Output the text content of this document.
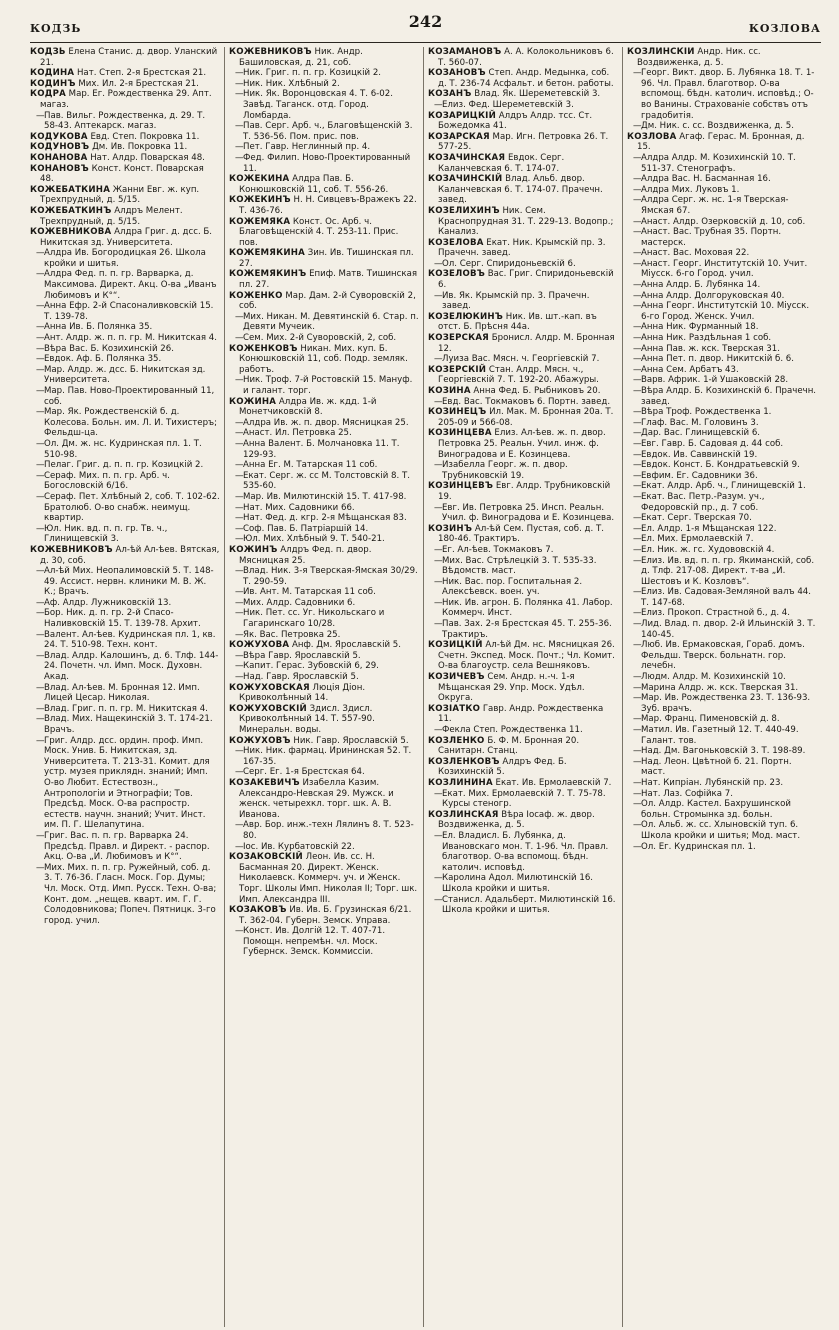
КОДЗЬ	242	КОЗЛОВА

КОДЗЬ Елена Станис. д. двор. Уланский 21.

КОДИНА Нат. Степ. 2-я Брестская 21.

КОДИНЪ Мих. Ил. 2-я Брестская 21.

КОДРА Мар. Ег. Рождественка 29. Апт. магаз.

—Пав. Вильг. Рождественка, д. 29. Т. 58-43. Аптекарск. магаз.

КОДУКОВА Евд. Степ. Покровка 11.

КОДУНОВЪ Дм. Ив. Покровка 11.

КОНАНОВА Нат. Алдр. Поварская 48.

КОНАНОВЪ Конст. Конст. Поварская 48.

КОЖЕБАТКИНА Жанни Евг. ж. куп. Трехпрудный, д. 5/15.

КОЖЕБАТКИНЪ Алдръ Мелент. Трехпрудный, д. 5/15.

КОЖЕВНИКОВА Алдра Григ. д. дсс. Б. Никитская зд. Университета.

—Алдра Ив. Богородицкая 26. Школа кройки и шитья.

—Алдра Фед. п. п. гр. Варварка, д. Максимова. Директ. Акц. О-ва „Иванъ Любимовъ и К°“.

—Анна Ефр. 2-й Спасоналивковскiй 15. Т. 139-78.

—Анна Ив. Б. Полянка 35.

—Ант. Алдр. ж. п. п. гр. М. Никитская 4.

—Вѣра Вас. Б. Козихинскiй 26.

—Евдок. Аф. Б. Полянка 35.

—Мар. Алдр. ж. дсс. Б. Никитская зд. Университета.

—Мар. Пав. Ново-Проектированный 11, соб.

—Мар. Як. Рождественскiй б. д. Колесова. Больн. им. Л. И. Тихистеръ; Фельдш-ца.

—Ол. Дм. ж. нс. Кудринская пл. 1. Т. 510-98.

—Пелаг. Григ. д. п. п. гр. Козицкiй 2.

—Сераф. Мих. п. п. гр. Арб. ч. Богословскiй 6/16.

—Сераф. Пет. Хлѣбный 2, соб. Т. 102-62. Братолюб. О-во снабж. неимущ. квартир.

—Юл. Ник. вд. п. п. гр. Тв. ч., Глинищевскiй 3.

КОЖЕВНИКОВЪ Ал-ѣй Ал-ѣев. Вятская, д. 30, соб.

—Ал-ѣй Мих. Неопалимовскiй 5. Т. 148-49. Ассист. нервн. клиники М. В. Ж. К.; Врачъ.

—Аф. Алдр. Лужниковскiй 13.

—Бор. Ник. д. п. гр. 2-й Спасо-Наливковскiй 15. Т. 139-78. Архит.

—Валент. Ал-ѣев. Кудринская пл. 1, кв. 24. Т. 510-98. Техн. конт.

—Влад. Алдр. Калошинъ, д. 6. Тлф. 144-24. Почетн. чл. Имп. Моск. Духовн. Акад.

—Влад. Ал-ѣев. М. Бронная 12. Имп. Лицей Цесар. Николая.

—Влад. Григ. п. п. гр. М. Никитская 4.

—Влад. Мих. Нащекинскiй 3. Т. 174-21. Врачъ.

—Григ. Алдр. дсс. ордин. проф. Имп. Моск. Унив. Б. Никитская, зд. Университета. Т. 213-31. Комит. для устр. музея приклядн. знаний; Имп. О-во Любит. Естествозн., Антропологiи и Этнографiи; Тов. Предсѣд. Моск. О-ва распростр. естеств. научн. знаний; Учит. Инст. им. П. Г. Шелапутина.

—Григ. Вас. п. п. гр. Варварка 24. Предсѣд. Правл. и Директ. - распор. Акц. О-ва „И. Любимовъ и К°“.

—Мих. Мих. п. п. гр. Ружейный, соб. д. 3. Т. 76-36. Гласн. Моск. Гор. Думы; Чл. Моск. Отд. Имп. Русск. Техн. О-ва; Конт. дом. „нещев. кварт. им. Г. Г. Солодовникова; Попеч. Пятницк. 3-го город. учил.

КОЖЕВНИКОВЪ Ник. Андр. Башиловская, д. 21, соб.

—Ник. Григ. п. п. гр. Козицкiй 2.

—Ник. Ник. Хлѣбный 2.

—Ник. Як. Воронцовская 4. Т. 6-02. Завѣд. Таганск. отд. Город. Ломбарда.

—Пав. Серг. Арб. ч., Благовѣщенскiй 3. Т. 536-56. Пом. прис. пов.

—Пет. Гавр. Неглинный пр. 4.

—Фед. Филип. Ново-Проектированный 11.

КОЖЕКИНА Алдра Пав. Б. Конюшковскiй 11, соб. Т. 556-26.

КОЖЕКИНЪ Н. Н. Сивцевъ-Вражекъ 22. Т. 436-76.

КОЖЕМЯКА Конст. Ос. Арб. ч. Благовѣщенскiй 4. Т. 253-11. Прис. пов.

КОЖЕМЯКИНА Зин. Ив. Тишинская пл. 27.

КОЖЕМЯКИНЪ Епиф. Матв. Тишинская пл. 27.

КОЖЕНКО Мар. Дам. 2-й Суворовскiй 2, соб.

—Мих. Никан. М. Девятинскiй 6. Стар. п. Девяти Мучеик.

—Сем. Мих. 2-й Суворовскiй, 2, соб.

КОЖЕНКОВЪ Никан. Мих. куп. Б. Конюшковскiй 11, соб. Подр. земляк. работъ.

—Ник. Троф. 7-й Ростовскiй 15. Мануф. и галант. торг.

КОЖИНА Алдра Ив. ж. кдд. 1-й Монетчиковскiй 8.

—Алдра Ив. ж. п. двор. Мясницкая 25.

—Анаст. Ил. Петровка 25.

—Анна Валент. Б. Молчановка 11. Т. 129-93.

—Анна Ег. М. Татарская 11 соб.

—Екат. Серг. ж. сс М. Толстовскiй 8. Т. 535-60.

—Мар. Ив. Милютинскiй 15. Т. 417-98.

—Нат. Мих. Садовники 66.

—Нат. Фед. д. кгр. 2-я Мѣщанская 83.

—Соф. Пав. Б. Патрiаршiй 14.

—Юл. Мих. Хлѣбный 9. Т. 540-21.

КОЖИНЪ Алдръ Фед. п. двор. Мясницкая 25.

—Влад. Ник. 3-я Тверская-Ямская 30/29. Т. 290-59.

—Ив. Ант. М. Татарская 11 соб.

—Мих. Алдр. Садовники 6.

—Ник. Пет. сс. Уг. Никольскаго и Гагаринскаго 10/28.

—Як. Вас. Петровка 25.

КОЖУХОВА Анф. Дм. Ярославскiй 5.

—Вѣра Гавр. Ярославскiй 5.

—Капит. Герас. Зубовскiй 6, 29.

—Над. Гавр. Ярославскiй 5.

КОЖУХОВСКАЯ Люцiя Дiон. Кривоколѣнный 14.

КОЖУХОВСКIЙ Здисл. Здисл. Кривоколѣнный 14. Т. 557-90. Минеральн. воды.

КОЖУХОВЪ Ник. Гавр. Ярославскiй 5.

—Ник. Ник. фармац. Ирининская 52. Т. 167-35.

—Серг. Ег. 1-я Брестская 64.

КОЗАКЕВИЧЪ Изабелла Казим. Александро-Невская 29. Мужск. и женск. четырехкл. торг. шк. А. В. Иванова.

—Авр. Бор. инж.-техн Лялинъ 8. Т. 523-80.

—Iос. Ив. Курбатовскiй 22.

КОЗАКОВСКIЙ Леон. Ив. сс. Н. Басманная 20. Директ. Женск. Николаевск. Коммерч. уч. и Женск. Торг. Школы Имп. Николая II; Торг. шк. Имп. Александра III.

КОЗАКОВЪ Ив. Ив. Б. Грузинская 6/21. Т. 362-04. Губерн. Земск. Управа.

—Конст. Ив. Долгiй 12. Т. 407-71. Помощн. непремѣн. чл. Моск. Губернск. Земск. Коммиссiи.

КОЗАМАНОВЪ А. А. Колокольниковъ 6. Т. 560-07.

КОЗАНОВЪ Степ. Андр. Медынка, соб. д. Т. 236-74 Асфальт. и бетон. работы.

КОЗАНЪ Влад. Як. Шереметевскiй 3.

—Елиз. Фед. Шереметевскiй 3.

КОЗАРИЦКIЙ Алдръ Алдр. тсс. Ст. Божедомка 41.

КОЗАРСКАЯ Мар. Игн. Петровка 26. Т. 577-25.

КОЗАЧИНСКАЯ Евдок. Серг. Каланчевская 6. Т. 174-07.

КОЗАЧИНСКIЙ Влад. Альб. двор. Каланчевская 6. Т. 174-07. Прачечн. завед.

КОЗЕЛИХИНЪ Ник. Сем. Краснопрудная 31. Т. 229-13. Водопр.; Канализ.

КОЗЕЛОВА Екат. Ник. Крымскiй пр. 3. Прачечн. завед.

—Ол. Серг. Спиридоньевскiй 6.

КОЗЕЛОВЪ Вас. Григ. Спиридоньевскiй 6.

—Ив. Як. Крымскiй пр. 3. Прачечн. завед.

КОЗЕЛЮКИНЪ Ник. Ив. шт.-кап. въ отст. Б. Прѣсня 44а.

КОЗЕРСКАЯ Бронисл. Алдр. М. Бронная 12.

—Луиза Вас. Мясн. ч. Георгiевскiй 7.

КОЗЕРСКIЙ Стан. Алдр. Мясн. ч., Георгiевскiй 7. Т. 192-20. Абажуры.

КОЗИНА Анна Фед. Б. Рыбниковъ 20.

—Евд. Вас. Токмаковъ 6. Портн. завед.

КОЗИНЕЦЪ Ил. Мак. М. Бронная 20а. Т. 205-09 и 566-08.

КОЗИНЦЕВА Елиз. Ал-ѣев. ж. п. двор. Петровка 25. Реальн. Учил. инж. ф. Виноградова и Е. Козинцева.

—Изабелла Георг. ж. п. двор. Трубниковскiй 19.

КОЗИНЦЕВЪ Евг. Алдр. Трубниковскiй 19.

—Евг. Ив. Петровка 25. Инсп. Реальн. Учил. ф. Виноградова и Е. Козинцева.

КОЗИНЪ Ал-ѣй Сем. Пустая, соб. д. Т. 180-46. Трактиръ.

—Ег. Ал-ѣев. Токмаковъ 7.

—Мих. Вас. Стрѣлецкiй 3. Т. 535-33. Вѣдомств. маст.

—Ник. Вас. пор. Госпитальная 2. Алексѣевск. воен. уч.

—Ник. Ив. агрон. Б. Полянка 41. Лабор. Коммерч. Инст.

—Пав. Зах. 2-я Брестская 45. Т. 255-36. Трактиръ.

КОЗИЦКIЙ Ал-ѣй Дм. нс. Мясницкая 26. Счетн. Экспед. Моск. Почт.; Чл. Комит. О-ва благоустр. села Вешняковъ.

КОЗИЧЕВЪ Сем. Андр. н.-ч. 1-я Мѣщанская 29. Упр. Моск. Удѣл. Округа.

КОЗIАТКО Гавр. Андр. Рождественка 11.

—Фекла Степ. Рождественка 11.

КОЗЛЕНКО Б. Ф. М. Бронная 20. Санитарн. Станц.

КОЗЛЕНКОВЪ Алдръ Фед. Б. Козихинскiй 5.

КОЗЛИНИНА Екат. Ив. Ермолаевскiй 7.

—Екат. Мих. Ермолаевскiй 7. Т. 75-78. Курсы стеногр.

КОЗЛИНСКАЯ Вѣра Iосаф. ж. двор. Воздвиженка, д. 5.

—Ел. Владисл. Б. Лубянка, д. Ивановскаго мон. Т. 1-96. Чл. Правл. благотвор. О-ва вспомощ. бѣдн. католич. исповѣд.

—Каролина Адол. Милютинскiй 16. Школа кройки и шитья.

—Станисл. Адальберт. Милютинскiй 16. Школа кройки и шитья.

КОЗЛИНСКIЙ Андр. Ник. сс. Воздвиженка, д. 5.

—Георг. Викт. двор. Б. Лубянка 18. Т. 1-96. Чл. Правл. благотвор. О-ва вспомощ. бѣдн. католич. исповѣд.; О-во Ванины. Страхованiе собствъ отъ градобитiя.

—Дм. Ник. с. сс. Воздвиженка, д. 5.

КОЗЛОВА Агаф. Герас. М. Бронная, д. 15.

—Алдра Алдр. М. Козихинскiй 10. Т. 511-37. Стенографъ.

—Алдра Вас. Н. Басманная 16.

—Алдра Мих. Луковъ 1.

—Алдра Серг. ж. нс. 1-я Тверская-Ямская 67.

—Анаст. Алдр. Озерковскiй д. 10, соб.

—Анаст. Вас. Трубная 35. Портн. мастерск.

—Анаст. Вас. Моховая 22.

—Анаст. Георг. Институтскiй 10. Учит. Мiусск. 6-го Город. учил.

—Анна Алдр. Б. Лубянка 14.

—Анна Алдр. Долгоруковская 40.

—Анна Георг. Институтскiй 10. Мiусск. 6-го Город. Женск. Учил.

—Анна Ник. Фурманный 18.

—Анна Ник. Раздѣльная 1 соб.

—Анна Пав. ж. кск. Тверская 31.

—Анна Пет. п. двор. Никитскiй б. 6.

—Анна Сем. Арбатъ 43.

—Варв. Африк. 1-й Ушаковскiй 28.

—Вѣра Алдр. Б. Козихинскiй 6. Прачечн. завед.

—Вѣра Троф. Рождественка 1.

—Глаф. Вас. М. Головинъ 3.

—Дар. Вас. Глинищевскiй 6.

—Евг. Гавр. Б. Садовая д. 44 соб.

—Евдок. Ив. Саввинскiй 19.

—Евдок. Конст. Б. Кондратьевскiй 9.

—Евфим. Ег. Садовники 36.

—Екат. Алдр. Арб. ч., Глинищевскiй 1.

—Екат. Вас. Петр.-Разум. уч., Федоровскiй пр., д. 7 соб.

—Екат. Серг. Тверская 70.

—Ел. Алдр. 1-я Мѣщанская 122.

—Ел. Мих. Ермолаевскiй 7.

—Ел. Ник. ж. гс. Худововскiй 4.

—Елиз. Ив. вд. п. п. гр. Якиманскiй, соб. д. Тлф. 217-08. Директ. т-ва „И. Шестовъ и К. Козловъ“.

—Елиз. Ив. Садовая-Земляной валъ 44. Т. 147-68.

—Елиз. Прокоп. Страстной б., д. 4.

—Лид. Влад. п. двор. 2-й Ильинскiй 3. Т. 140-45.

—Люб. Ив. Ермаковская, Гораб. домъ. Фельдш. Тверск. больнатн. гор. лечебн.

—Людм. Алдр. М. Козихинскiй 10.

—Марина Алдр. ж. кск. Тверская 31.

—Мар. Ив. Рождественка 23. Т. 136-93. Зуб. врачъ.

—Мар. Франц. Пименовскiй д. 8.

—Матил. Ив. Газетный 12. Т. 440-49. Галант. тов.

—Над. Дм. Вагоньковскiй 3. Т. 198-89.

—Над. Леон. Цвѣтной б. 21. Портн. маст.

—Нат. Кипрiан. Лубянскiй пр. 23.

—Нат. Лаз. Софiйка 7.

—Ол. Алдр. Кастел. Бахрушинской больн. Стромынка зд. больн.

—Ол. Альб. ж. сс. Хлыновскiй туп. 6. Школа кройки и шитья; Мод. маст.

—Ол. Ег. Кудринская пл. 1.
